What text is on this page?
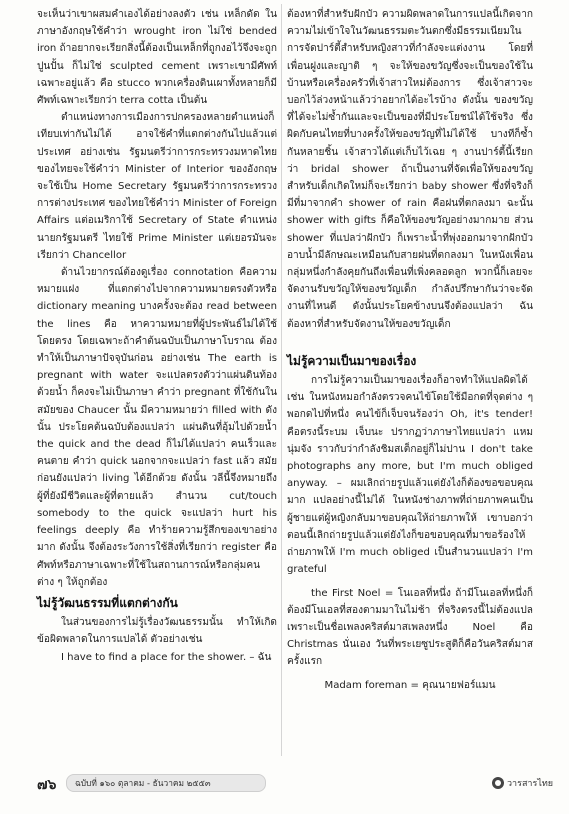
จะเห็นว่าเขาผสมคำเองได้อย่างลงตัว เช่น เหล็กดัด ในภาษาอังกฤษใช้คำว่า wrought iron ไม่ใช่ bended iron ถ้าอยากจะเรียกสิ่งนี้ต้องเป็นเหล็กที่ถูกงอไว้จึงจะถูก ปูนปั้น ก็ไม่ใช่ sculpted cement เพราะเขามีศัพท์เฉพาะอยู่แล้ว คือ stucco พวกเครื่องดินเผาทั้งหลายก็มีศัพท์เฉพาะเรียกว่า terra cotta เป็นต้น

ตำแหน่งทางการเมืองการปกครองหลายตำแหน่งก็เทียบเท่ากันไม่ได้ อาจใช้คำที่แตกต่างกันไปแล้วแต่ประเทศ อย่างเช่น รัฐมนตรีว่าการกระทรวงมหาดไทย ของไทยจะใช้คำว่า Minister of Interior ของอังกฤษจะใช้เป็น Home Secretary รัฐมนตรีว่าการกระทรวงการต่างประเทศ ของไทยใช้คำว่า Minister of Foreign Affairs แต่อเมริกาใช้ Secretary of State ตำแหน่ง นายกรัฐมนตรี ไทยใช้ Prime Minister แต่เยอรมันจะเรียกว่า Chancellor

ด้านไวยากรณ์ต้องดูเรื่อง connotation คือความหมายแฝง ที่แตกต่างไปจากความหมายตรงตัวหรือ dictionary meaning บางครั้งจะต้อง read between the lines คือ หาความหมายที่ผู้ประพันธ์ไม่ได้ใช้โดยตรง โดยเฉพาะถ้าคำต้นฉบับเป็นภาษาโบราณ ต้องทำให้เป็นภาษาปัจจุบันก่อน อย่างเช่น The earth is pregnant with water จะแปลตรงตัวว่าแผ่นดินท้องด้วยน้ำ ก็คงจะไม่เป็นภาษา คำว่า pregnant ที่ใช้กันในสมัยของ Chaucer นั้น มีความหมายว่า filled with ดังนั้น ประโยคต้นฉบับต้องแปลว่า แผ่นดินที่อุ้มไปด้วยน้ำ the quick and the dead ก็ไม่ได้แปลว่า คนเร็วและคนตาย คำว่า quick นอกจากจะแปลว่า fast แล้ว สมัยก่อนยังแปลว่า living ได้อีกด้วย ดังนั้น วลีนี้จึงหมายถึง ผู้ที่ยังมีชีวิตและผู้ที่ตายแล้ว สำนวน cut/touch somebody to the quick จะแปลว่า hurt his feelings deeply คือ ทำร้ายความรู้สึกของเขาอย่างมาก ดังนั้น จึงต้องระวังการใช้สิ่งที่เรียกว่า register คือ ศัพท์หรือภาษาเฉพาะที่ใช้ในสถานการณ์หรือกลุ่มคนต่าง ๆ ให้ถูกต้อง

ไม่รู้วัฒนธรรมที่แตกต่างกัน

ในส่วนของการไม่รู้เรื่องวัฒนธรรมนั้น ทำให้เกิดข้อผิดพลาดในการแปลได้ ตัวอย่างเช่น

I have to find a place for the shower. – ฉัน

ต้องหาที่สำหรับฝักบัว ความผิดพลาดในการแปลนี้เกิดจากความไม่เข้าใจในวัฒนธรรมตะวันตกซึ่งมีธรรมเนียมในการจัดปาร์ตี้สำหรับหญิงสาวที่กำลังจะแต่งงาน โดยที่เพื่อนฝูงและญาติ ๆ จะให้ของขวัญซึ่งจะเป็นของใช้ในบ้านหรือเครื่องครัวที่เจ้าสาวใหม่ต้องการ ซึ่งเจ้าสาวจะบอกไว้ล่วงหน้าแล้วว่าอยากได้อะไรบ้าง ดังนั้น ของขวัญที่ได้จะไม่ซ้ำกันและจะเป็นของที่มีประโยชน์ได้ใช้จริง ซึ่งผิดกับคนไทยที่บางครั้งให้ของขวัญที่ไม่ได้ใช้ บางทีก็ซ้ำกันหลายชิ้น เจ้าสาวได้แต่เก็บไว้เฉย ๆ งานปาร์ตี้นี้เรียกว่า bridal shower ถ้าเป็นงานที่จัดเพื่อให้ของขวัญสำหรับเด็กเกิดใหม่ก็จะเรียกว่า baby shower ซึ่งที่จริงก็มีที่มาจากคำ shower of rain คือฝนที่ตกลงมา ฉะนั้น shower with gifts ก็คือให้ของขวัญอย่างมากมาย ส่วน shower ที่แปลว่าฝักบัว ก็เพราะน้ำที่พุ่งออกมาจากฝักบัวอาบน้ำมีลักษณะเหมือนกับสายฝนที่ตกลงมา ในหนังเพื่อนกลุ่มหนึ่งกำลังคุยกันถึงเพื่อนที่เพิ่งคลอดลูก พวกนี้ก็เลยจะจัดงานรับขวัญให้ของขวัญเด็ก กำลังปรึกษากันว่าจะจัดงานที่ไหนดี ดังนั้นประโยคข้างบนจึงต้องแปลว่า ฉันต้องหาที่สำหรับจัดงานให้ของขวัญเด็ก

ไม่รู้ความเป็นมาของเรื่อง

การไม่รู้ความเป็นมาของเรื่องก็อาจทำให้แปลผิดได้ เช่น ในหนังหมอกำลังตรวจคนไข้โดยใช้มือกดที่จุดต่าง ๆ พอกดไปที่หนึ่ง คนไข้ก็เจ็บจนร้องว่า Oh, it's tender! คือตรงนี้ระบม เจ็บนะ ปรากฏว่าภาษาไทยแปลว่า แหม นุ่มจัง ราวกับว่ากำลังชิมสเต็กอยู่ก็ไม่ปาน I don't take photographs any more, but I'm much obliged anyway. – ผมเลิกถ่ายรูปแล้วแต่ยังไงก็ต้องขอขอบคุณมาก แปลอย่างนี้ไม่ได้ ในหนังช่างภาพที่ถ่ายภาพคนเป็นผู้ชายแต่ผู้หญิงกลับมาขอบคุณให้ถ่ายภาพให้ เขาบอกว่าตอนนี้เลิกถ่ายรูปแล้วแต่ยังไงก็ขอขอบคุณที่มาขอร้องให้ถ่ายภาพให้ I'm much obliged เป็นสำนวนแปลว่า I'm grateful

the First Noel = โนเอลที่หนึ่ง ถ้ามีโนเอลที่หนึ่งก็ต้องมีโนเอลที่สองตามมาในไม่ช้า ที่จริงตรงนี้ไม่ต้องแปลเพราะเป็นชื่อเพลงคริสต์มาสเพลงหนึ่ง Noel คือ Christmas นั่นเอง วันที่พระเยซูประสูติก็คือวันคริสต์มาสครั้งแรก

Madam foreman = คุณนายฟอร์แมน

๗๖	ฉบับที่ ๑๖๐ ตุลาคม - ธันวาคม ๒๕๕๓	วารสารไทย
